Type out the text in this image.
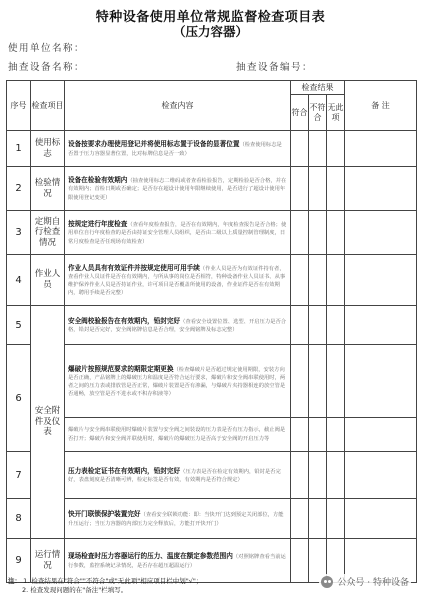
特种设备使用单位常规监督检查项目表
（压力容器）
使用单位名称：
抽查设备名称：	抽查设备编号：
序号	检查项目	检查内容	检查结果			备 注
			符合	不符合	无此项	
1	使用标志	设备按要求办理使用登记并将使用标志置于设备的显著位置（检查使用标志是否置于压力容器显著位置，比对标牌信息是否一致）				
2	检验情况	设备在检验有效期内（抽查使用标志二维码或者查看检验报告，定期检验是否合格，并在有效期内；首检日期或否确定；是否存在超设计使用年限继续使用，是否进行了超设计使用年限使用登记变更）				
3	定期自行检查情况	按规定进行年度检查（查看年度检查报告，是否在有效期内，年度检查报告是否合格；使用单位自行年度检查的是否由持证安全管理人员组织，是否由二级以上质量控制管理制度，日常月度检查是否任现场有效检查）				
4	作业人员	作业人员具有有效证件并按规定使用可用手续（作业人员是否为有效证件持有者，查看作业人员证件是否在有效期内，与所从事的岗位是否相符，特种设备作业人员证书、从事维护保养作业人员是否持证作业，许可项目是否覆盖所使用的设备，作业证件是否在有效期内，聘用手续是否完整）				
5	安全附件及仪表	安全阀校验报告在有效期内，铅封完好（查看安全设置位置、选型、开启压力是否合格，铅封是否完好，安全阀铭牌信息是否合理，安全阀铭牌及标志完整）				
6		爆破片按照规范要求的期限定期更换（检查爆破片是否超过规定使用期限，安装方向是否正确，产品铭牌上的爆破压力和温度是否符合运行要求，爆破片和安全阀串联使用时，两者之间的压力表或排放管是否正常，爆破片装置是否有渗漏，与爆破片夹持器相连的放空管是否通畅，放空管是否不进水或不积存积液等）				
		爆破片与安全阀串联使用时爆破片装置与安全阀之间装设的压力表是否有压力指示，截止阀是否打开；爆破片和安全阀并联使用时，爆破片的爆破压力是否高于安全阀的开启压力等				
7		压力表检定证书在有效期内，铅封完好（压力表是否在检定有效期内，铅封是否完好，表盘刻度是否清晰可辨，检定标签是否有效，有效期内是否符合规定）				
8		快开门联锁保护装置完好（查看安全联锁功能：即：当快开门达到预定关闭部位，方能升压运行；当压力容器的内部压力完全释放后，方能打开快开门）				
9	运行情况	现场检查时压力容器运行的压力、温度在额定参数范围内（对照铭牌查看当前运行参数，监控系统记录情况，是否存在超压超温运行）				
注： 1. 检查结果在"符合""不符合"或"无此项"相应项目栏中划"√"；
2. 检查发现问题的在"备注"栏填写。
公众号 · 特种设备
